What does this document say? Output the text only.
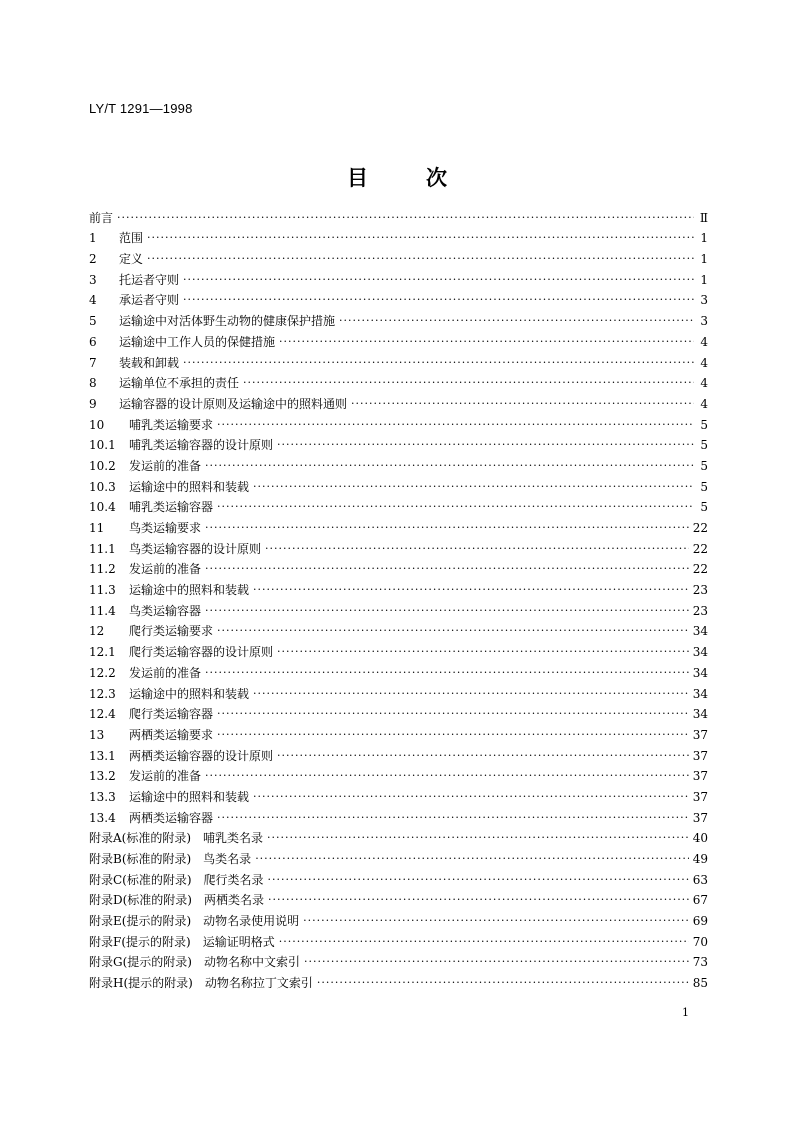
LY/T 1291—1998
目	次
前言 ·····	Ⅱ
1	范围 ·····	1
2	定义 ·····	1
3	托运者守则 ·····	1
4	承运者守则 ·····	3
5	运输途中对活体野生动物的健康保护措施 ·····	3
6	运输途中工作人员的保健措施 ·····	4
7	装载和卸载 ·····	4
8	运输单位不承担的责任 ·····	4
9	运输容器的设计原则及运输途中的照料通则 ·····	4
10	哺乳类运输要求 ·····	5
10.1	哺乳类运输容器的设计原则 ·····	5
10.2	发运前的准备 ·····	5
10.3	运输途中的照料和装载 ·····	5
10.4	哺乳类运输容器 ·····	5
11	鸟类运输要求 ·····	22
11.1	鸟类运输容器的设计原则 ·····	22
11.2	发运前的准备 ·····	22
11.3	运输途中的照料和装载 ·····	23
11.4	鸟类运输容器 ·····	23
12	爬行类运输要求 ·····	34
12.1	爬行类运输容器的设计原则 ·····	34
12.2	发运前的准备 ·····	34
12.3	运输途中的照料和装载 ·····	34
12.4	爬行类运输容器 ·····	34
13	两栖类运输要求 ·····	37
13.1	两栖类运输容器的设计原则 ·····	37
13.2	发运前的准备 ·····	37
13.3	运输途中的照料和装载 ·····	37
13.4	两栖类运输容器 ·····	37
附录A(标准的附录)　哺乳类名录 ·····	40
附录B(标准的附录)　鸟类名录 ·····	49
附录C(标准的附录)　爬行类名录 ·····	63
附录D(标准的附录)　两栖类名录 ·····	67
附录E(提示的附录)　动物名录使用说明 ·····	69
附录F(提示的附录)　运输证明格式 ·····	70
附录G(提示的附录)　动物名称中文索引 ·····	73
附录H(提示的附录)　动物名称拉丁文索引 ·····	85
1
